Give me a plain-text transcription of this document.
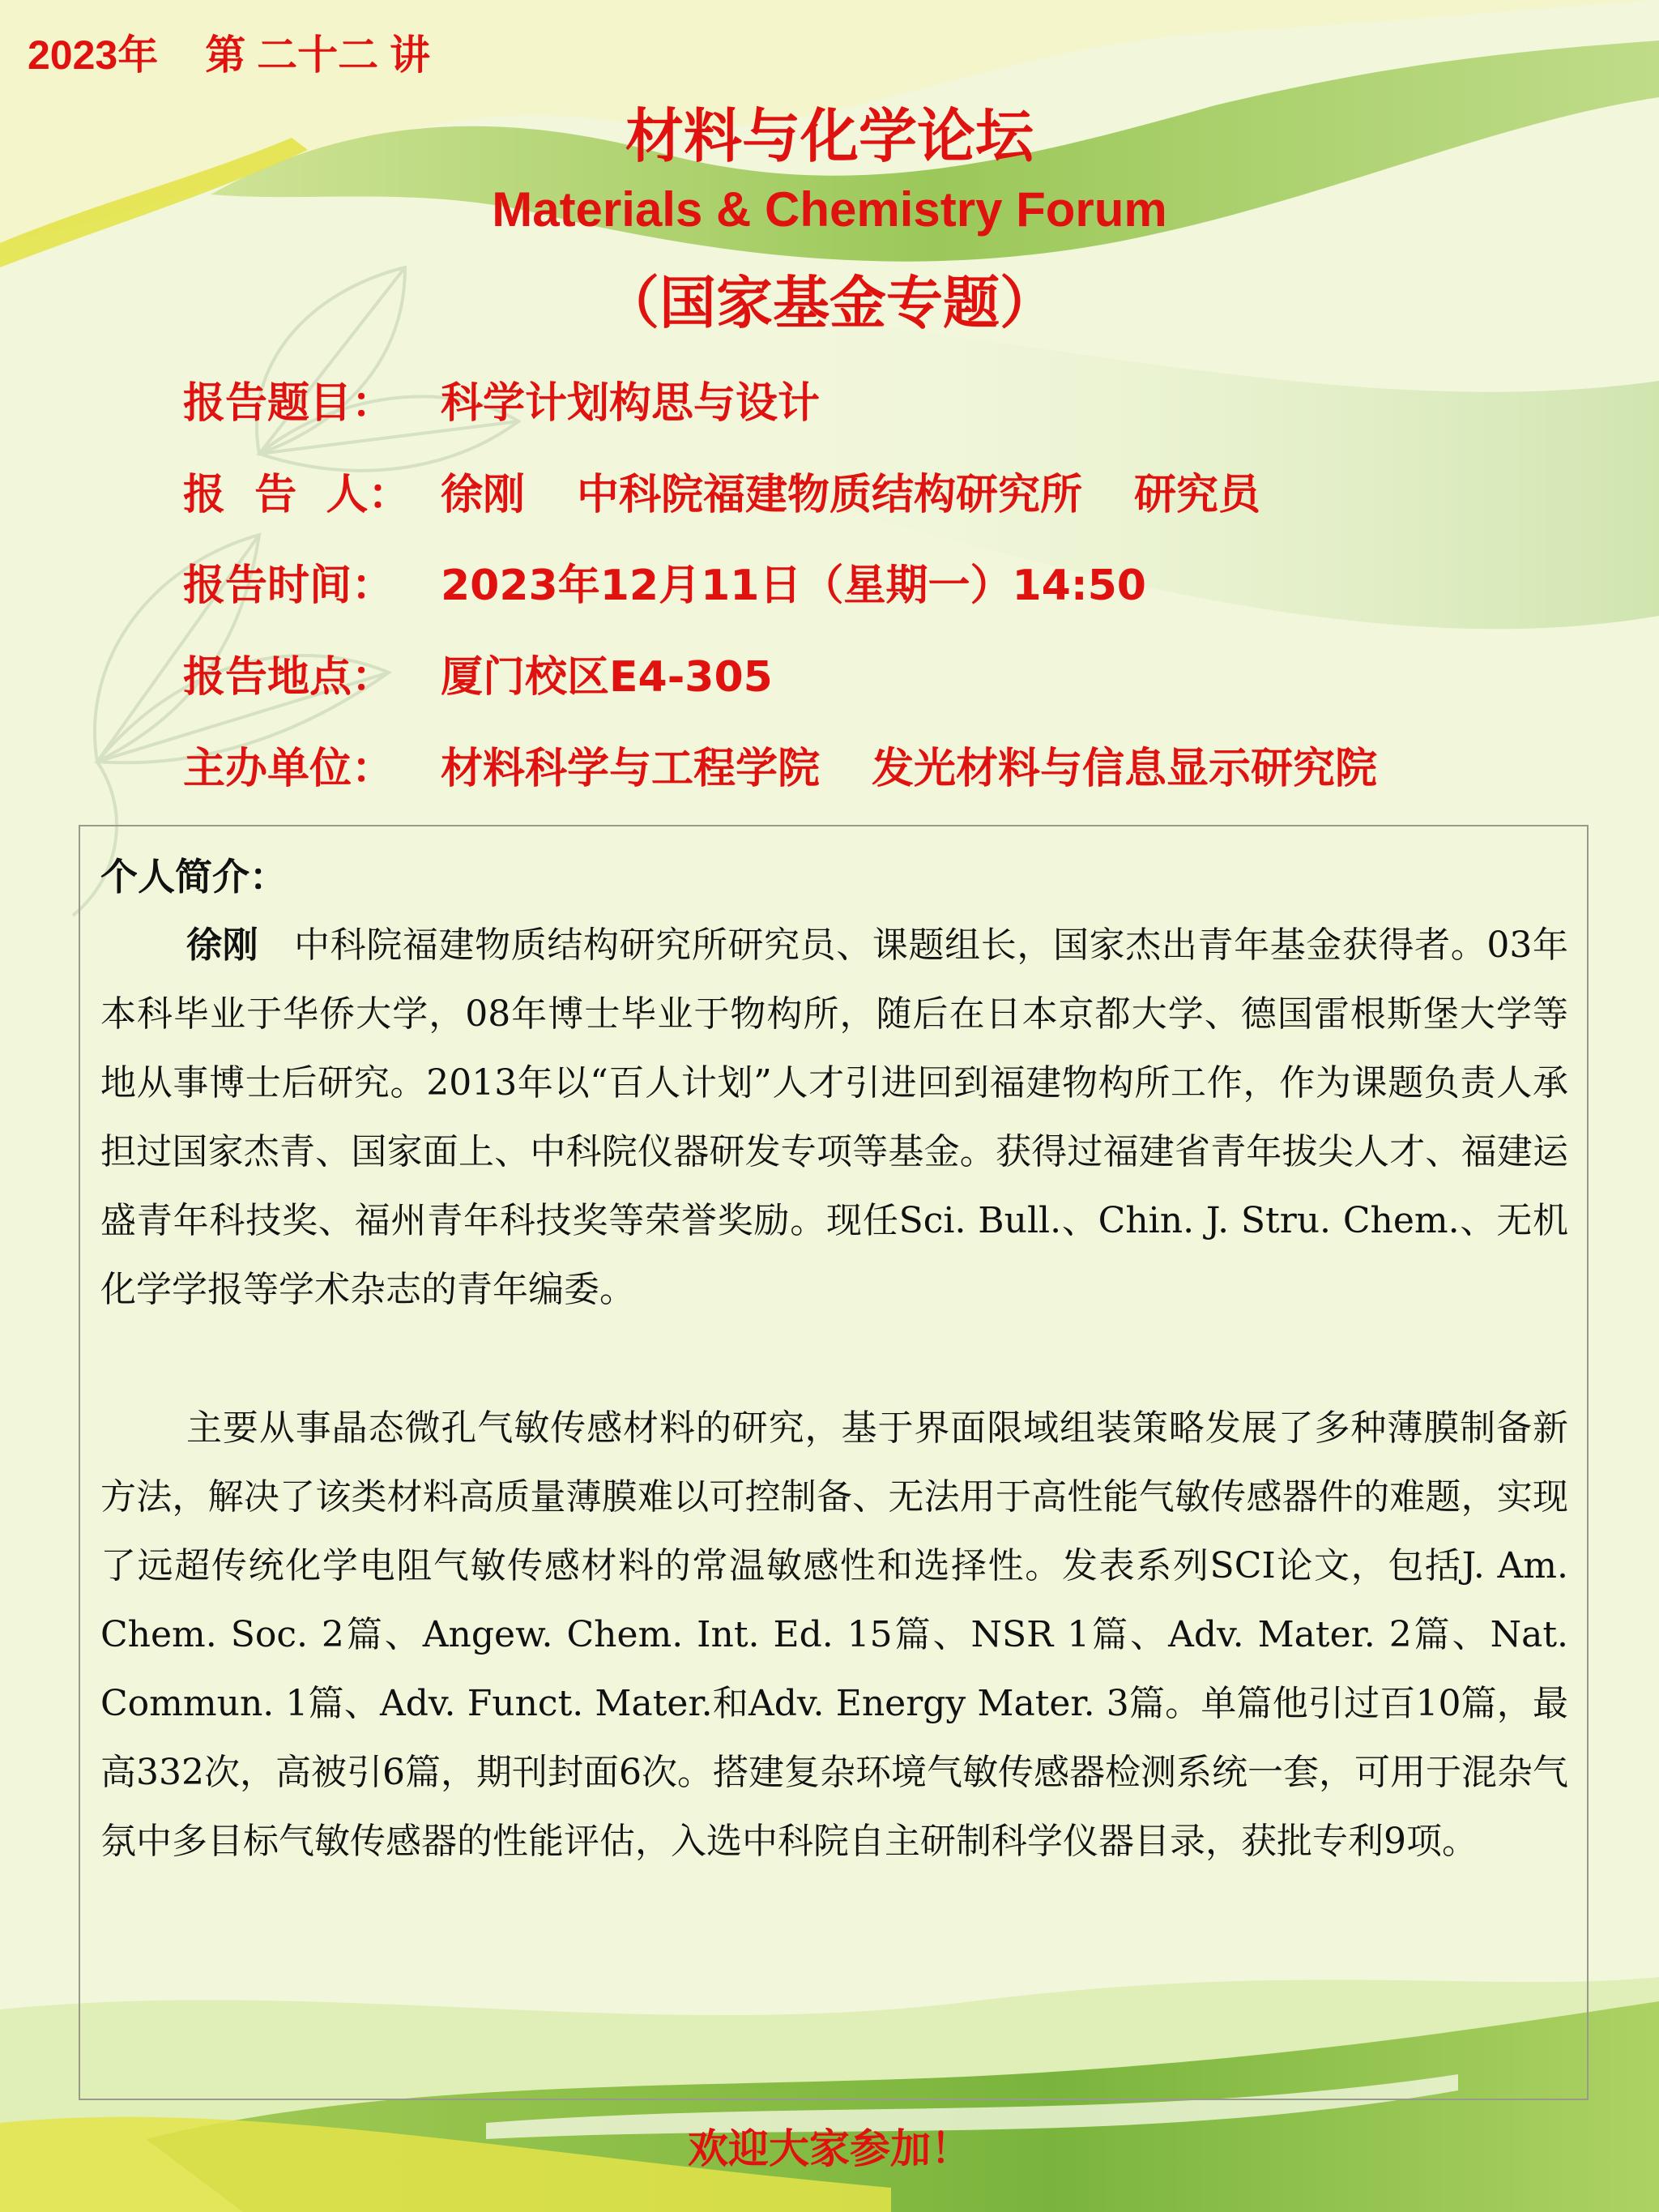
2023年 第 二十二 讲
材料与化学论坛
Materials & Chemistry Forum
（国家基金专题）
报告题目： 科学计划构思与设计
报  告  人： 徐刚 中科院福建物质结构研究所 研究员
报告时间： 2023年12月11日（星期一）14:50
报告地点： 厦门校区E4-305
主办单位： 材料科学与工程学院 发光材料与信息显示研究院
个人简介：

徐刚 中科院福建物质结构研究所研究员、课题组长，国家杰出青年基金获得者。03年本科毕业于华侨大学，08年博士毕业于物构所，随后在日本京都大学、德国雷根斯堡大学等地从事博士后研究。2013年以“百人计划”人才引进回到福建物构所工作，作为课题负责人承担过国家杰青、国家面上、中科院仪器研发专项等基金。获得过福建省青年拔尖人才、福建运盛青年科技奖、福州青年科技奖等荣誉奖励。现任Sci. Bull.、Chin. J. Stru. Chem.、无机化学学报等学术杂志的青年编委。

主要从事晶态微孔气敏传感材料的研究，基于界面限域组装策略发展了多种薄膜制备新方法，解决了该类材料高质量薄膜难以可控制备、无法用于高性能气敏传感器件的难题，实现了远超传统化学电阻气敏传感材料的常温敏感性和选择性。发表系列SCI论文，包括J. Am. Chem. Soc. 2篇、Angew. Chem. Int. Ed. 15篇、NSR 1篇、Adv. Mater. 2篇、Nat. Commun. 1篇、Adv. Funct. Mater.和Adv. Energy Mater. 3篇。单篇他引过百10篇，最高332次，高被引6篇，期刊封面6次。搭建复杂环境气敏传感器检测系统一套，可用于混杂气氛中多目标气敏传感器的性能评估，入选中科院自主研制科学仪器目录，获批专利9项。

欢迎大家参加！
